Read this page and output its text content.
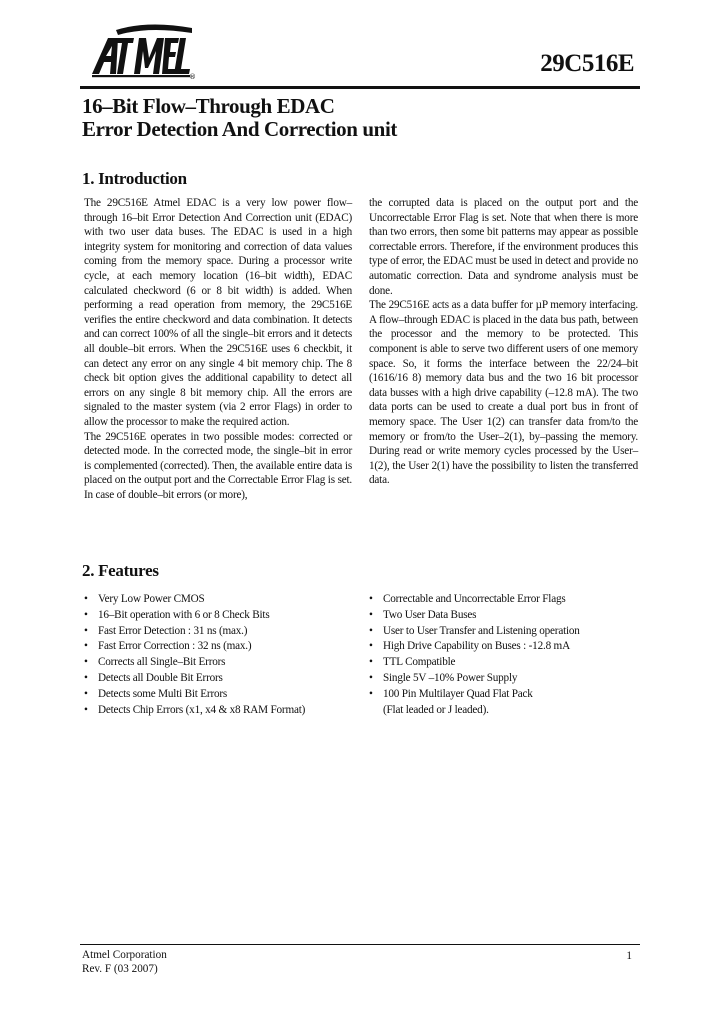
®	29C516E
16–Bit Flow–Through EDAC
Error Detection And Correction unit
1. Introduction

The 29C516E Atmel EDAC is a very low power flow–through 16–bit Error Detection And Correction unit (EDAC) with two user data buses. The EDAC is used in a high integrity system for monitoring and correction of data values coming from the memory space. During a processor write cycle, at each memory location (16–bit width), EDAC calculated checkword (6 or 8 bit width) is added. When performing a read operation from memory, the 29C516E verifies the entire checkword and data combination. It detects and can correct 100% of all the single–bit errors and it detects all double–bit errors. When the 29C516E uses 6 checkbit, it can detect any error on any single 4 bit memory chip. The 8 check bit option gives the additional capability to detect all errors on any single 8 bit memory chip. All the errors are signaled to the master system (via 2 error Flags) in order to allow the processor to make the required action.

The 29C516E operates in two possible modes: corrected or detected mode. In the corrected mode, the single–bit in error is complemented (corrected). Then, the available entire data is placed on the output port and the Correctable Error Flag is set. In case of double–bit errors (or more),

the corrupted data is placed on the output port and the Uncorrectable Error Flag is set. Note that when there is more than two errors, then some bit patterns may appear as possible correctable errors. Therefore, if the environment produces this type of error, the EDAC must be used in detect and provide no automatic correction. Data and syndrome analysis must be done.

The 29C516E acts as a data buffer for µP memory interfacing. A flow–through EDAC is placed in the data bus path, between the processor and the memory to be protected. This component is able to serve two different users of one memory space. So, it forms the interface between the 22/24–bit (1616/16 8) memory data bus and the two 16 bit processor data busses with a high drive capability (–12.8 mA). The two data ports can be used to create a dual port bus in front of memory space. The User 1(2) can transfer data from/to the memory or from/to the User–2(1), by–passing the memory. During read or write memory cycles processed by the User–1(2), the User 2(1) have the possibility to listen the transferred data.

2. Features
• Very Low Power CMOS
• 16–Bit operation with 6 or 8 Check Bits
• Fast Error Detection : 31 ns (max.)
• Fast Error Correction : 32 ns (max.)
• Corrects all Single–Bit Errors
• Detects all Double Bit Errors
• Detects some Multi Bit Errors
• Detects Chip Errors (x1, x4 & x8 RAM Format)
• Correctable and Uncorrectable Error Flags
• Two User Data Buses
• User to User Transfer and Listening operation
• High Drive Capability on Buses : -12.8 mA
• TTL Compatible
• Single 5V –10% Power Supply
• 100 Pin Multilayer Quad Flat Pack
(Flat leaded or J leaded).
Atmel Corporation
Rev. F (03 2007)
1
